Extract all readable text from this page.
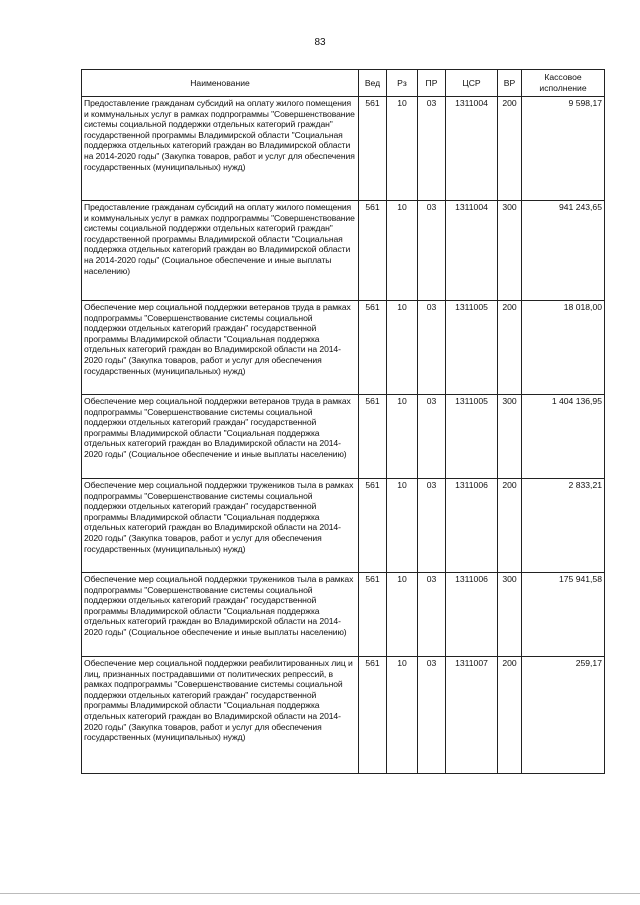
83
Наименование	Вед	Рз	ПР	ЦСР	ВР	Кассовое исполнение
Предоставление гражданам субсидий на оплату жилого помещения и коммунальных услуг в рамках подпрограммы "Совершенствование системы социальной поддержки отдельных категорий граждан" государственной программы Владимирской области "Социальная поддержка отдельных категорий граждан во Владимирской области на 2014-2020 годы" (Закупка товаров, работ и услуг для обеспечения государственных (муниципальных) нужд)	561	10	03	1311004	200	9 598,17
Предоставление гражданам субсидий на оплату жилого помещения и коммунальных услуг в рамках подпрограммы "Совершенствование системы социальной поддержки отдельных категорий граждан" государственной программы Владимирской области "Социальная поддержка отдельных категорий граждан во Владимирской области на 2014-2020 годы" (Социальное обеспечение и иные выплаты населению)	561	10	03	1311004	300	941 243,65
Обеспечение мер социальной поддержки ветеранов труда в рамках подпрограммы "Совершенствование системы социальной поддержки отдельных категорий граждан" государственной программы Владимирской области "Социальная поддержка отдельных категорий граждан во Владимирской области на 2014-2020 годы" (Закупка товаров, работ и услуг для обеспечения государственных (муниципальных) нужд)	561	10	03	1311005	200	18 018,00
Обеспечение мер социальной поддержки ветеранов труда в рамках подпрограммы "Совершенствование системы социальной поддержки отдельных категорий граждан" государственной программы Владимирской области "Социальная поддержка отдельных категорий граждан во Владимирской области на 2014-2020 годы" (Социальное обеспечение и иные выплаты населению)	561	10	03	1311005	300	1 404 136,95
Обеспечение мер социальной поддержки тружеников тыла в рамках подпрограммы "Совершенствование системы социальной поддержки отдельных категорий граждан" государственной программы Владимирской области "Социальная поддержка отдельных категорий граждан во Владимирской области на 2014-2020 годы" (Закупка товаров, работ и услуг для обеспечения государственных (муниципальных) нужд)	561	10	03	1311006	200	2 833,21
Обеспечение мер социальной поддержки тружеников тыла в рамках подпрограммы "Совершенствование системы социальной поддержки отдельных категорий граждан" государственной программы Владимирской области "Социальная поддержка отдельных категорий граждан во Владимирской области на 2014-2020 годы" (Социальное обеспечение и иные выплаты населению)	561	10	03	1311006	300	175 941,58
Обеспечение мер социальной поддержки реабилитированных лиц и лиц, признанных пострадавшими от политических репрессий, в рамках подпрограммы "Совершенствование системы социальной поддержки отдельных категорий граждан" государственной программы Владимирской области "Социальная поддержка отдельных категорий граждан во Владимирской области на 2014-2020 годы" (Закупка товаров, работ и услуг для обеспечения государственных (муниципальных) нужд)	561	10	03	1311007	200	259,17
